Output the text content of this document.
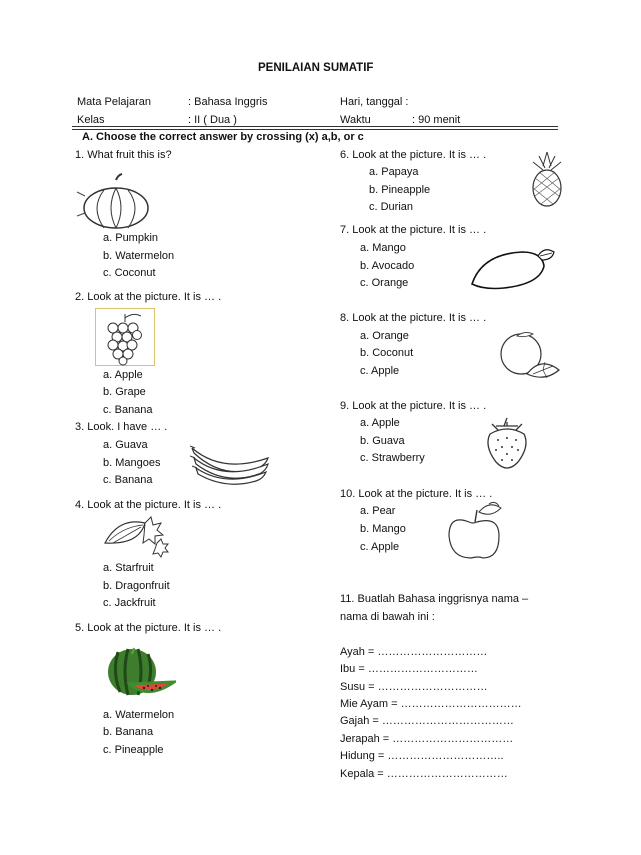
PENILAIAN SUMATIF
Mata Pelajaran	: Bahasa Inggris	Hari, tanggal :
Kelas	: II ( Dua )	Waktu	: 90 menit
A. Choose the correct answer by crossing (x) a,b, or c
1. What fruit this is?
a. Pumpkin
b. Watermelon
c. Coconut
2. Look at the picture. It is … .
a. Apple
b. Grape
c. Banana
3. Look. I have … .
a. Guava
b. Mangoes
c. Banana
4. Look at the picture. It is … .
a. Starfruit
b. Dragonfruit
c. Jackfruit
5. Look at the picture. It is … .
a. Watermelon
b. Banana
c. Pineapple
6. Look at the picture. It is … .
a. Papaya
b. Pineapple
c. Durian
7. Look at the picture. It is … .
a. Mango
b. Avocado
c. Orange
8. Look at the picture. It is … .
a. Orange
b. Coconut
c. Apple
9. Look at the picture. It is … .
a. Apple
b. Guava
c. Strawberry
10. Look at the picture. It is … .
a. Pear
b. Mango
c. Apple
11. Buatlah Bahasa inggrisnya nama –
nama di bawah ini :
Ayah = …………………………
Ibu = …………………………
Susu = …………………………
Mie Ayam = ……………………………
Gajah = ………………………………
Jerapah = ……………………………
Hidung = …………………………..
Kepala = ……………………………
